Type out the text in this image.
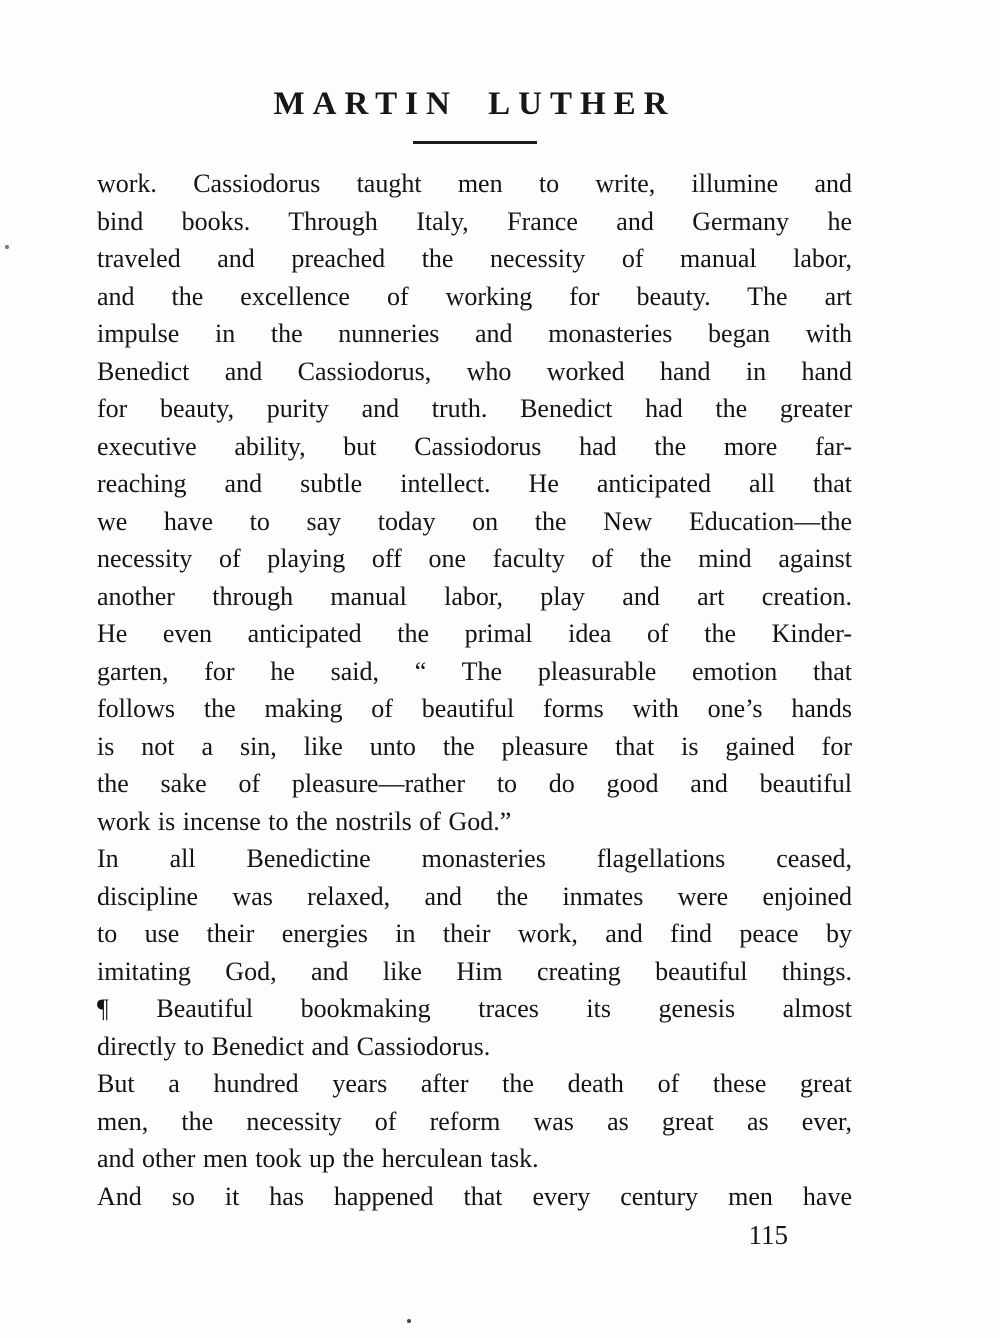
MARTIN LUTHER
work. Cassiodorus taught men to write, illumine and
bind books. Through Italy, France and Germany he
traveled and preached the necessity of manual labor,
and the excellence of working for beauty. The art
impulse in the nunneries and monasteries began with
Benedict and Cassiodorus, who worked hand in hand
for beauty, purity and truth. Benedict had the greater
executive ability, but Cassiodorus had the more far-
reaching and subtle intellect. He anticipated all that
we have to say today on the New Education—the
necessity of playing off one faculty of the mind against
another through manual labor, play and art creation.
He even anticipated the primal idea of the Kinder-
garten, for he said, “ The pleasurable emotion that
follows the making of beautiful forms with one’s hands
is not a sin, like unto the pleasure that is gained for
the sake of pleasure—rather to do good and beautiful
work is incense to the nostrils of God.”
In all Benedictine monasteries flagellations ceased,
discipline was relaxed, and the inmates were enjoined
to use their energies in their work, and find peace by
imitating God, and like Him creating beautiful things.
¶ Beautiful bookmaking traces its genesis almost
directly to Benedict and Cassiodorus.
But a hundred years after the death of these great
men, the necessity of reform was as great as ever,
and other men took up the herculean task.
And so it has happened that every century men have
115
